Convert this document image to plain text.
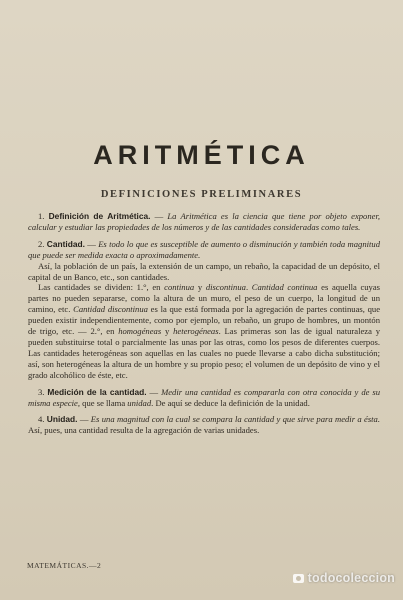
ARITMÉTICA
DEFINICIONES PRELIMINARES

1. Definición de Aritmética. — La Aritmética es la ciencia que tiene por objeto exponer, calcular y estudiar las propiedades de los números y de las cantidades consideradas como tales.

2. Cantidad. — Es todo lo que es susceptible de aumento o disminución y también toda magnitud que puede ser medida exacta o aproximadamente.

Así, la población de un país, la extensión de un campo, un rebaño, la capacidad de un depósito, el capital de un Banco, etc., son cantidades.

Las cantidades se dividen: 1.°, en continua y discontinua. Cantidad continua es aquella cuyas partes no pueden separarse, como la altura de un muro, el peso de un cuerpo, la longitud de un camino, etc. Cantidad discontinua es la que está formada por la agregación de partes continuas, que pueden existir independientemente, como por ejemplo, un rebaño, un grupo de hombres, un montón de trigo, etc. — 2.°, en homogéneas y heterogéneas. Las primeras son las de igual naturaleza y pueden substituirse total o parcialmente las unas por las otras, como los pesos de diferentes cuerpos. Las cantidades heterogéneas son aquellas en las cuales no puede llevarse a cabo dicha substitución; así, son heterogéneas la altura de un hombre y su propio peso; el volumen de un depósito de vino y el grado alcohólico de éste, etc.

3. Medición de la cantidad. — Medir una cantidad es compararla con otra conocida y de su misma especie, que se llama unidad. De aquí se deduce la definición de la unidad.

4. Unidad. — Es una magnitud con la cual se compara la cantidad y que sirve para medir a ésta. Así, pues, una cantidad resulta de la agregación de varias unidades.

MATEMÁTICAS.—2
todocoleccion
